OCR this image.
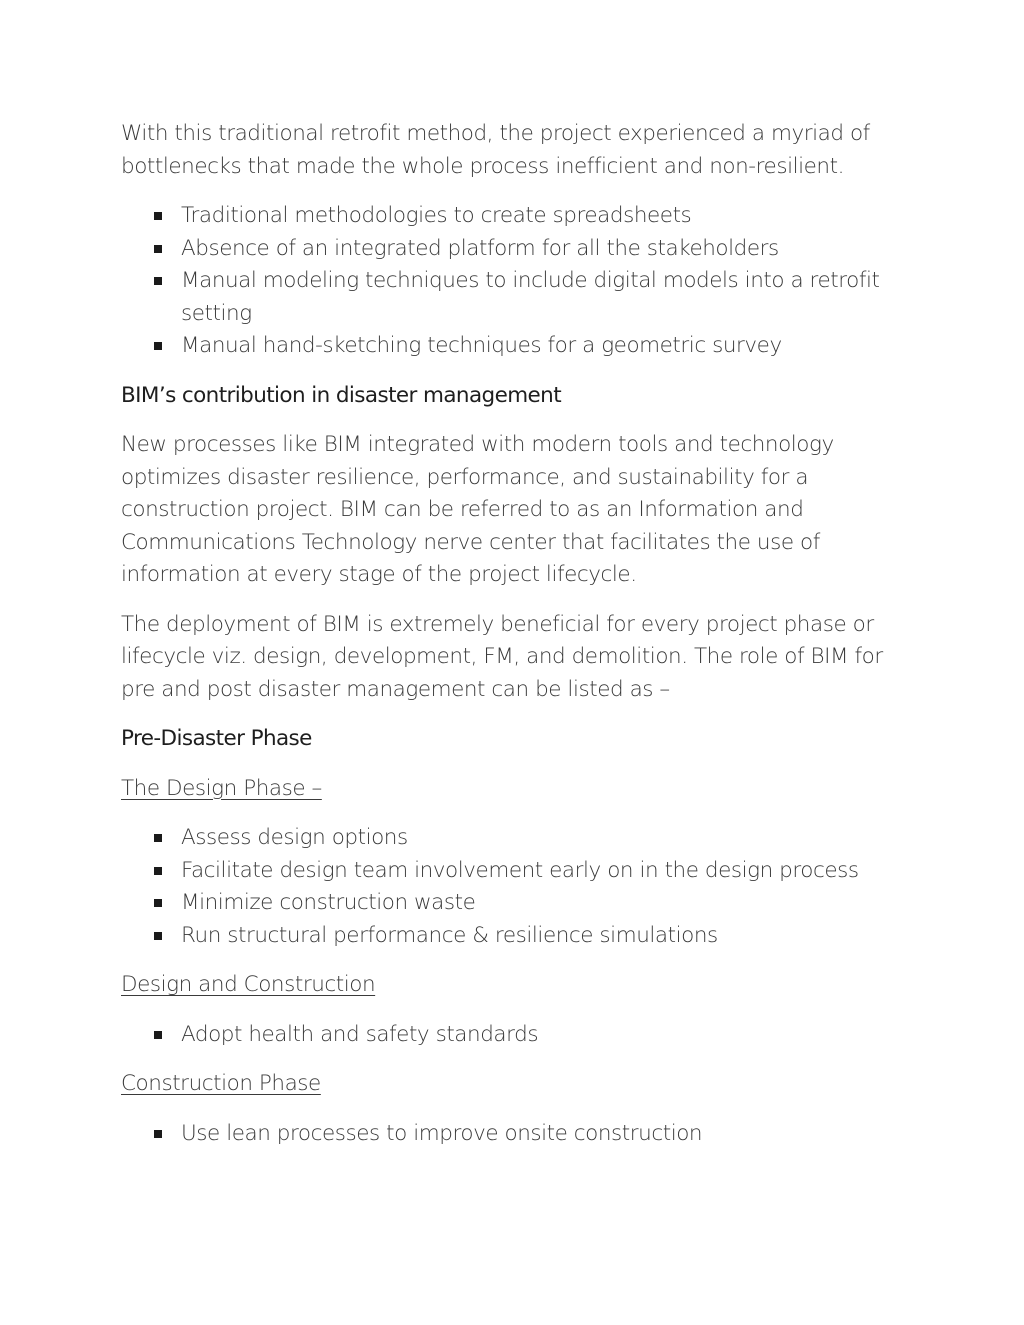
With this traditional retrofit method, the project experienced a myriad of bottlenecks that made the whole process inefficient and non-resilient.

Traditional methodologies to create spreadsheets
Absence of an integrated platform for all the stakeholders
Manual modeling techniques to include digital models into a retrofit setting
Manual hand-sketching techniques for a geometric survey
BIM’s contribution in disaster management

New processes like BIM integrated with modern tools and technology optimizes disaster resilience, performance, and sustainability for a construction project. BIM can be referred to as an Information and Communications Technology nerve center that facilitates the use of information at every stage of the project lifecycle.

The deployment of BIM is extremely beneficial for every project phase or lifecycle viz. design, development, FM, and demolition. The role of BIM for pre and post disaster management can be listed as –

Pre-Disaster Phase

The Design Phase –

Assess design options
Facilitate design team involvement early on in the design process
Minimize construction waste
Run structural performance & resilience simulations

Design and Construction

Adopt health and safety standards

Construction Phase

Use lean processes to improve onsite construction
